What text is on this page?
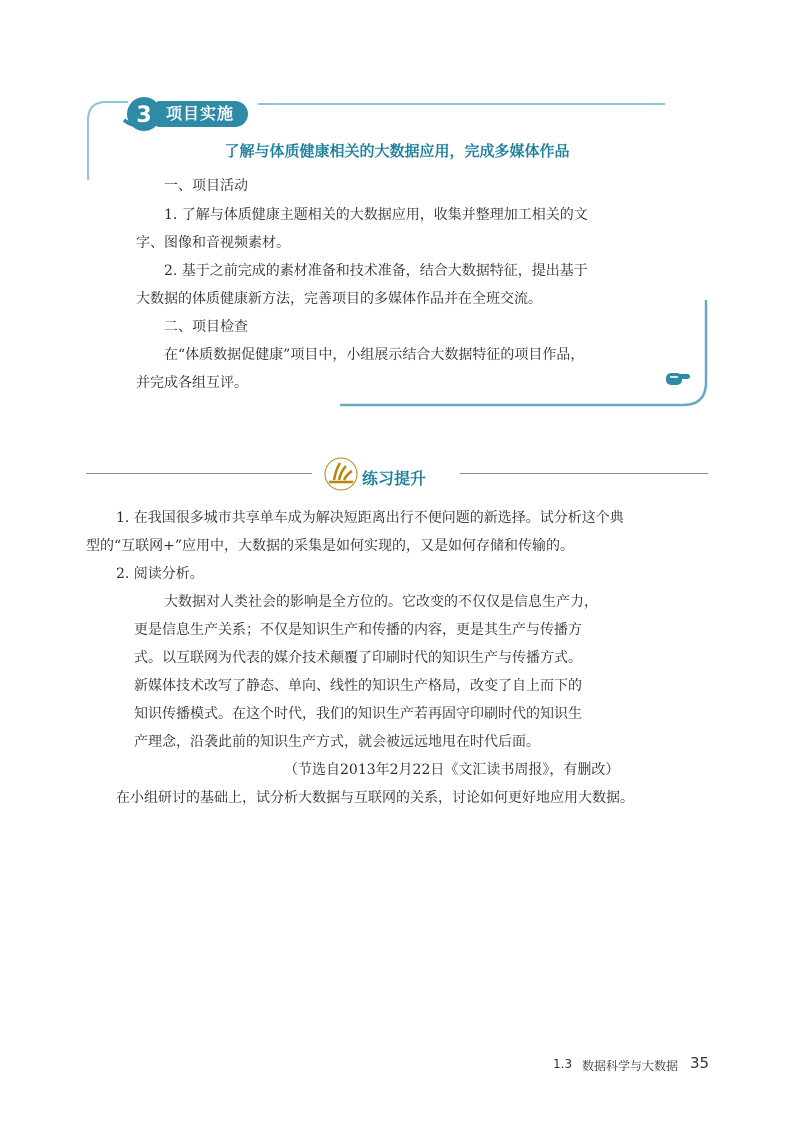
3 项目实施
了解与体质健康相关的大数据应用，完成多媒体作品
一、项目活动
1. 了解与体质健康主题相关的大数据应用，收集并整理加工相关的文
字、图像和音视频素材。
2. 基于之前完成的素材准备和技术准备，结合大数据特征，提出基于
大数据的体质健康新方法，完善项目的多媒体作品并在全班交流。
二、项目检查
在“体质数据促健康”项目中，小组展示结合大数据特征的项目作品，
并完成各组互评。
练习提升
1. 在我国很多城市共享单车成为解决短距离出行不便问题的新选择。试分析这个典
型的“互联网+”应用中，大数据的采集是如何实现的，又是如何存储和传输的。
2. 阅读分析。
大数据对人类社会的影响是全方位的。它改变的不仅仅是信息生产力，
更是信息生产关系；不仅是知识生产和传播的内容，更是其生产与传播方
式。以互联网为代表的媒介技术颠覆了印刷时代的知识生产与传播方式。
新媒体技术改写了静态、单向、线性的知识生产格局，改变了自上而下的
知识传播模式。在这个时代，我们的知识生产若再固守印刷时代的知识生
产理念，沿袭此前的知识生产方式，就会被远远地甩在时代后面。
（节选自2013年2月22日《文汇读书周报》，有删改）
在小组研讨的基础上，试分析大数据与互联网的关系，讨论如何更好地应用大数据。
1.3 数据科学与大数据 35
